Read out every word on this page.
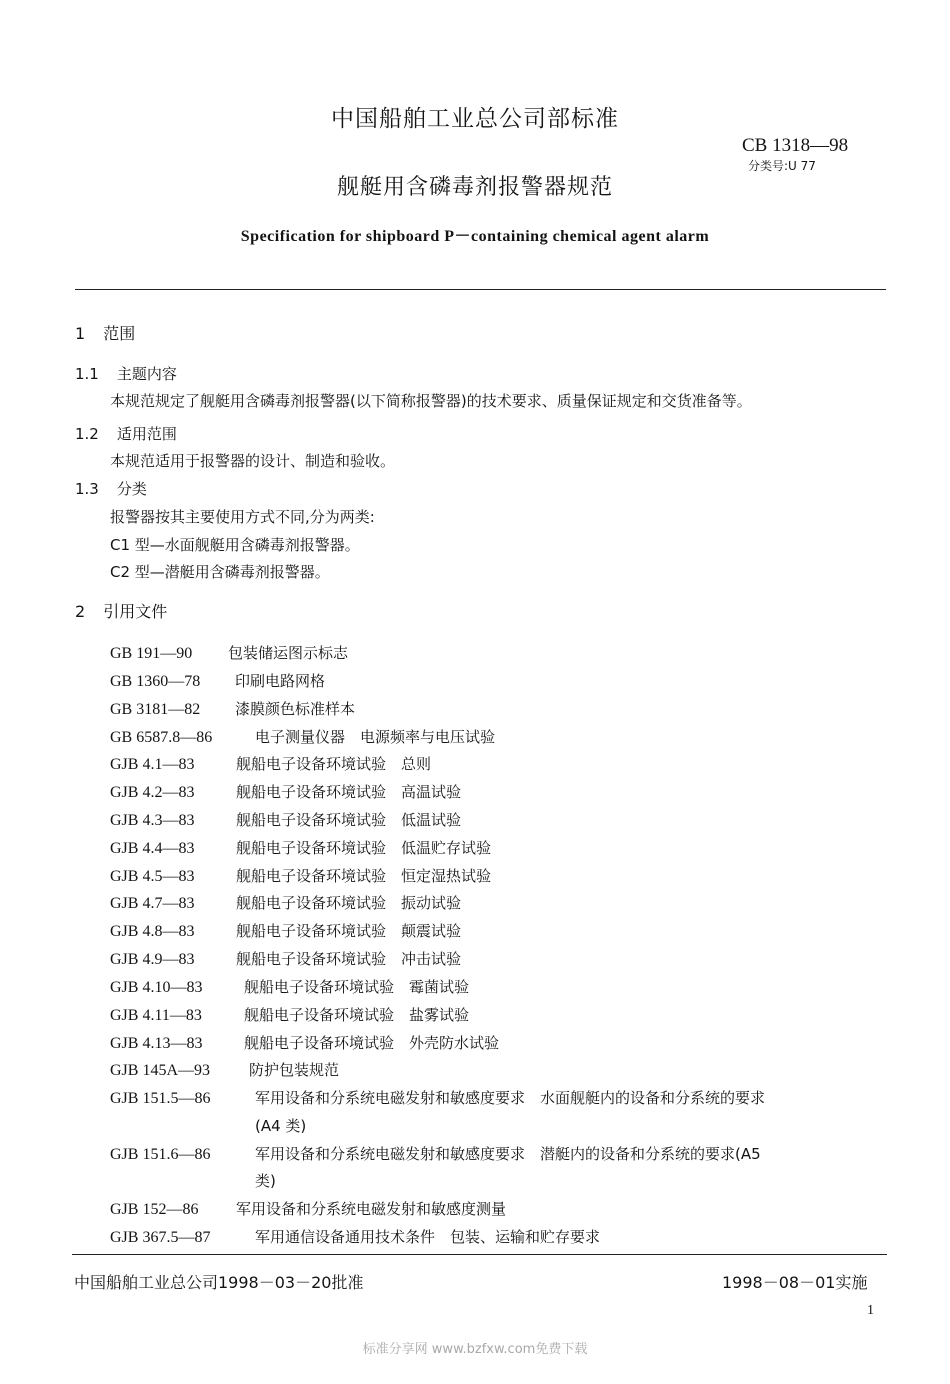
中国船舶工业总公司部标准
CB 1318—98
分类号:U 77
舰艇用含磷毒剂报警器规范
Specification for shipboard P－containing chemical agent alarm
1 范围
1.1 主题内容
本规范规定了舰艇用含磷毒剂报警器(以下简称报警器)的技术要求、质量保证规定和交货准备等。
1.2 适用范围
本规范适用于报警器的设计、制造和验收。
1.3 分类
报警器按其主要使用方式不同,分为两类:
C1 型—水面舰艇用含磷毒剂报警器。
C2 型—潜艇用含磷毒剂报警器。
2 引用文件
GB 191—90 包装储运图示标志
GB 1360—78 印刷电路网格
GB 3181—82 漆膜颜色标准样本
GB 6587.8—86	电子测量仪器　电源频率与电压试验
GJB 4.1—83	舰船电子设备环境试验　总则
GJB 4.2—83	舰船电子设备环境试验　高温试验
GJB 4.3—83	舰船电子设备环境试验　低温试验
GJB 4.4—83	舰船电子设备环境试验　低温贮存试验
GJB 4.5—83	舰船电子设备环境试验　恒定湿热试验
GJB 4.7—83	舰船电子设备环境试验　振动试验
GJB 4.8—83	舰船电子设备环境试验　颠震试验
GJB 4.9—83	舰船电子设备环境试验　冲击试验
GJB 4.10—83	舰船电子设备环境试验　霉菌试验
GJB 4.11—83	舰船电子设备环境试验　盐雾试验
GJB 4.13—83	舰船电子设备环境试验　外壳防水试验
GJB 145A—93	防护包装规范
GJB 151.5—86	军用设备和分系统电磁发射和敏感度要求　水面舰艇内的设备和分系统的要求
(A4 类)
GJB 151.6—86	军用设备和分系统电磁发射和敏感度要求　潜艇内的设备和分系统的要求(A5
类)
GJB 152—86	军用设备和分系统电磁发射和敏感度测量
GJB 367.5—87	军用通信设备通用技术条件　包装、运输和贮存要求
中国船舶工业总公司1998－03－20批准	1998－08－01实施
1
标准分享网 www.bzfxw.com免费下载
